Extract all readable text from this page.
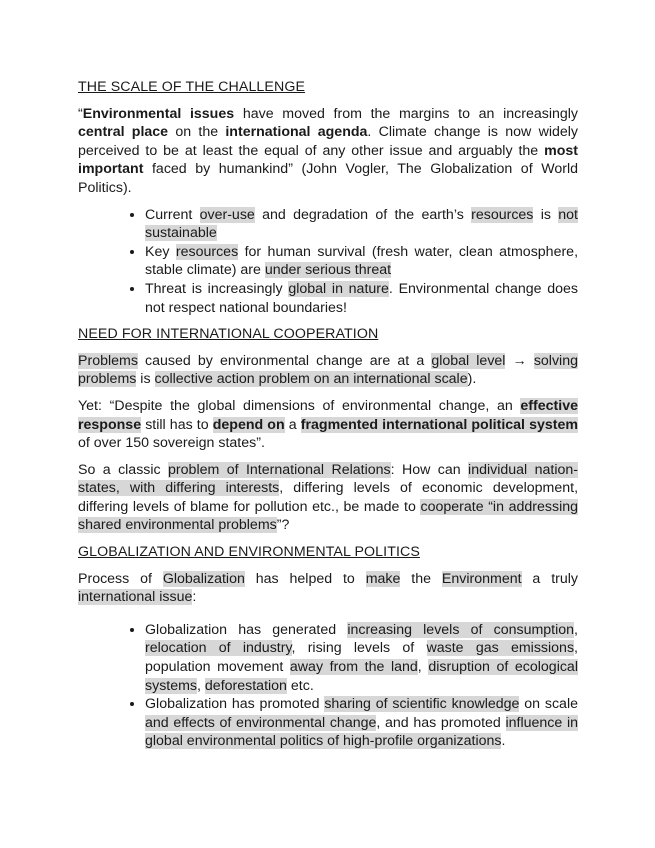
THE SCALE OF THE CHALLENGE

“Environmental issues have moved from the margins to an increasingly central place on the international agenda. Climate change is now widely perceived to be at least the equal of any other issue and arguably the most important faced by humankind” (John Vogler, The Globalization of World Politics).

• Current over-use and degradation of the earth’s resources is not sustainable
• Key resources for human survival (fresh water, clean atmosphere, stable climate) are under serious threat
• Threat is increasingly global in nature. Environmental change does not respect national boundaries!
NEED FOR INTERNATIONAL COOPERATION

Problems caused by environmental change are at a global level → solving problems is collective action problem on an international scale).

Yet: “Despite the global dimensions of environmental change, an effective response still has to depend on a fragmented international political system of over 150 sovereign states”.

So a classic problem of International Relations: How can individual nation-states, with differing interests, differing levels of economic development, differing levels of blame for pollution etc., be made to cooperate “in addressing shared environmental problems”?

GLOBALIZATION AND ENVIRONMENTAL POLITICS

Process of Globalization has helped to make the Environment a truly international issue:

• Globalization has generated increasing levels of consumption, relocation of industry, rising levels of waste gas emissions, population movement away from the land, disruption of ecological systems, deforestation etc.
• Globalization has promoted sharing of scientific knowledge on scale and effects of environmental change, and has promoted influence in global environmental politics of high-profile organizations.
